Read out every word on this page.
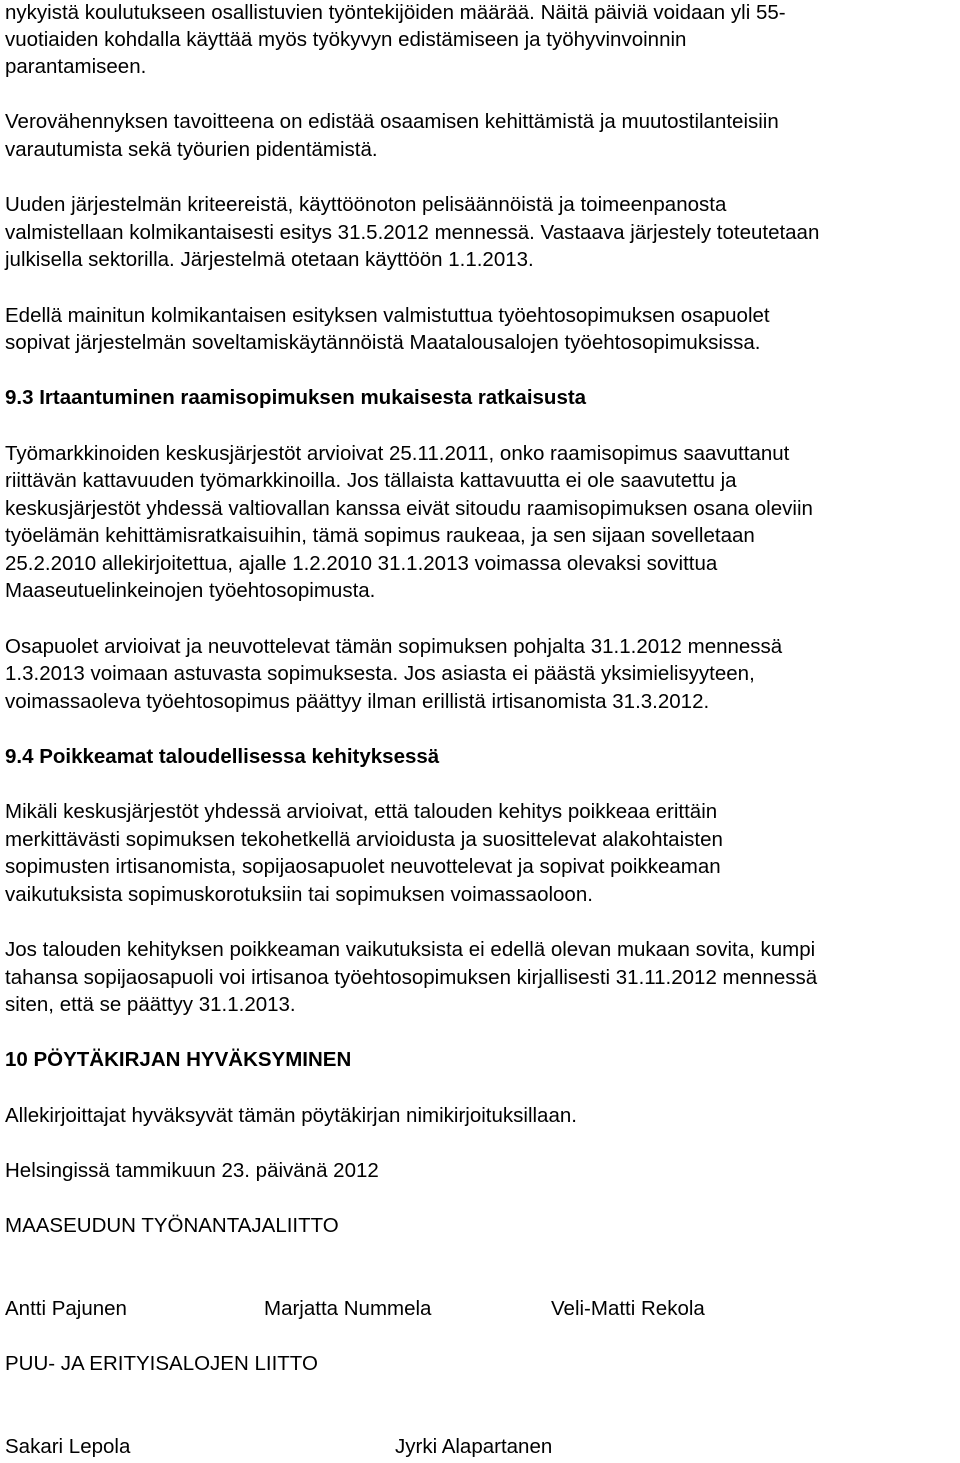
nykyistä koulutukseen osallistuvien työntekijöiden määrää. Näitä päiviä voidaan yli 55-
vuotiaiden kohdalla käyttää myös työkyvyn edistämiseen ja työhyvinvoinnin
parantamiseen.
Verovähennyksen tavoitteena on edistää osaamisen kehittämistä ja muutostilanteisiin
varautumista sekä työurien pidentämistä.
Uuden järjestelmän kriteereistä, käyttöönoton pelisäännöistä ja toimeenpanosta
valmistellaan kolmikantaisesti esitys 31.5.2012 mennessä. Vastaava järjestely toteutetaan
julkisella sektorilla. Järjestelmä otetaan käyttöön 1.1.2013.
Edellä mainitun kolmikantaisen esityksen valmistuttua työehtosopimuksen osapuolet
sopivat järjestelmän soveltamiskäytännöistä Maatalousalojen työehtosopimuksissa.
9.3 Irtaantuminen raamisopimuksen mukaisesta ratkaisusta
Työmarkkinoiden keskusjärjestöt arvioivat 25.11.2011, onko raamisopimus saavuttanut
riittävän kattavuuden työmarkkinoilla. Jos tällaista kattavuutta ei ole saavutettu ja
keskusjärjestöt yhdessä valtiovallan kanssa eivät sitoudu raamisopimuksen osana oleviin
työelämän kehittämisratkaisuihin, tämä sopimus raukeaa, ja sen sijaan sovelletaan
25.2.2010 allekirjoitettua, ajalle 1.2.2010 31.1.2013 voimassa olevaksi sovittua
Maaseutuelinkeinojen työehtosopimusta.
Osapuolet arvioivat ja neuvottelevat tämän sopimuksen pohjalta 31.1.2012 mennessä
1.3.2013 voimaan astuvasta sopimuksesta. Jos asiasta ei päästä yksimielisyyteen,
voimassaoleva työehtosopimus päättyy ilman erillistä irtisanomista 31.3.2012.
9.4 Poikkeamat taloudellisessa kehityksessä
Mikäli keskusjärjestöt yhdessä arvioivat, että talouden kehitys poikkeaa erittäin
merkittävästi sopimuksen tekohetkellä arvioidusta ja suosittelevat alakohtaisten
sopimusten irtisanomista, sopijaosapuolet neuvottelevat ja sopivat poikkeaman
vaikutuksista sopimuskorotuksiin tai sopimuksen voimassaoloon.
Jos talouden kehityksen poikkeaman vaikutuksista ei edellä olevan mukaan sovita, kumpi
tahansa sopijaosapuoli voi irtisanoa työehtosopimuksen kirjallisesti 31.11.2012 mennessä
siten, että se päättyy 31.1.2013.
10 PÖYTÄKIRJAN HYVÄKSYMINEN
Allekirjoittajat hyväksyvät tämän pöytäkirjan nimikirjoituksillaan.
Helsingissä tammikuun 23. päivänä 2012
MAASEUDUN TYÖNANTAJALIITTO
Antti Pajunen	Marjatta Nummela	Veli-Matti Rekola
PUU- JA ERITYISALOJEN LIITTO
Sakari Lepola	Jyrki Alapartanen
